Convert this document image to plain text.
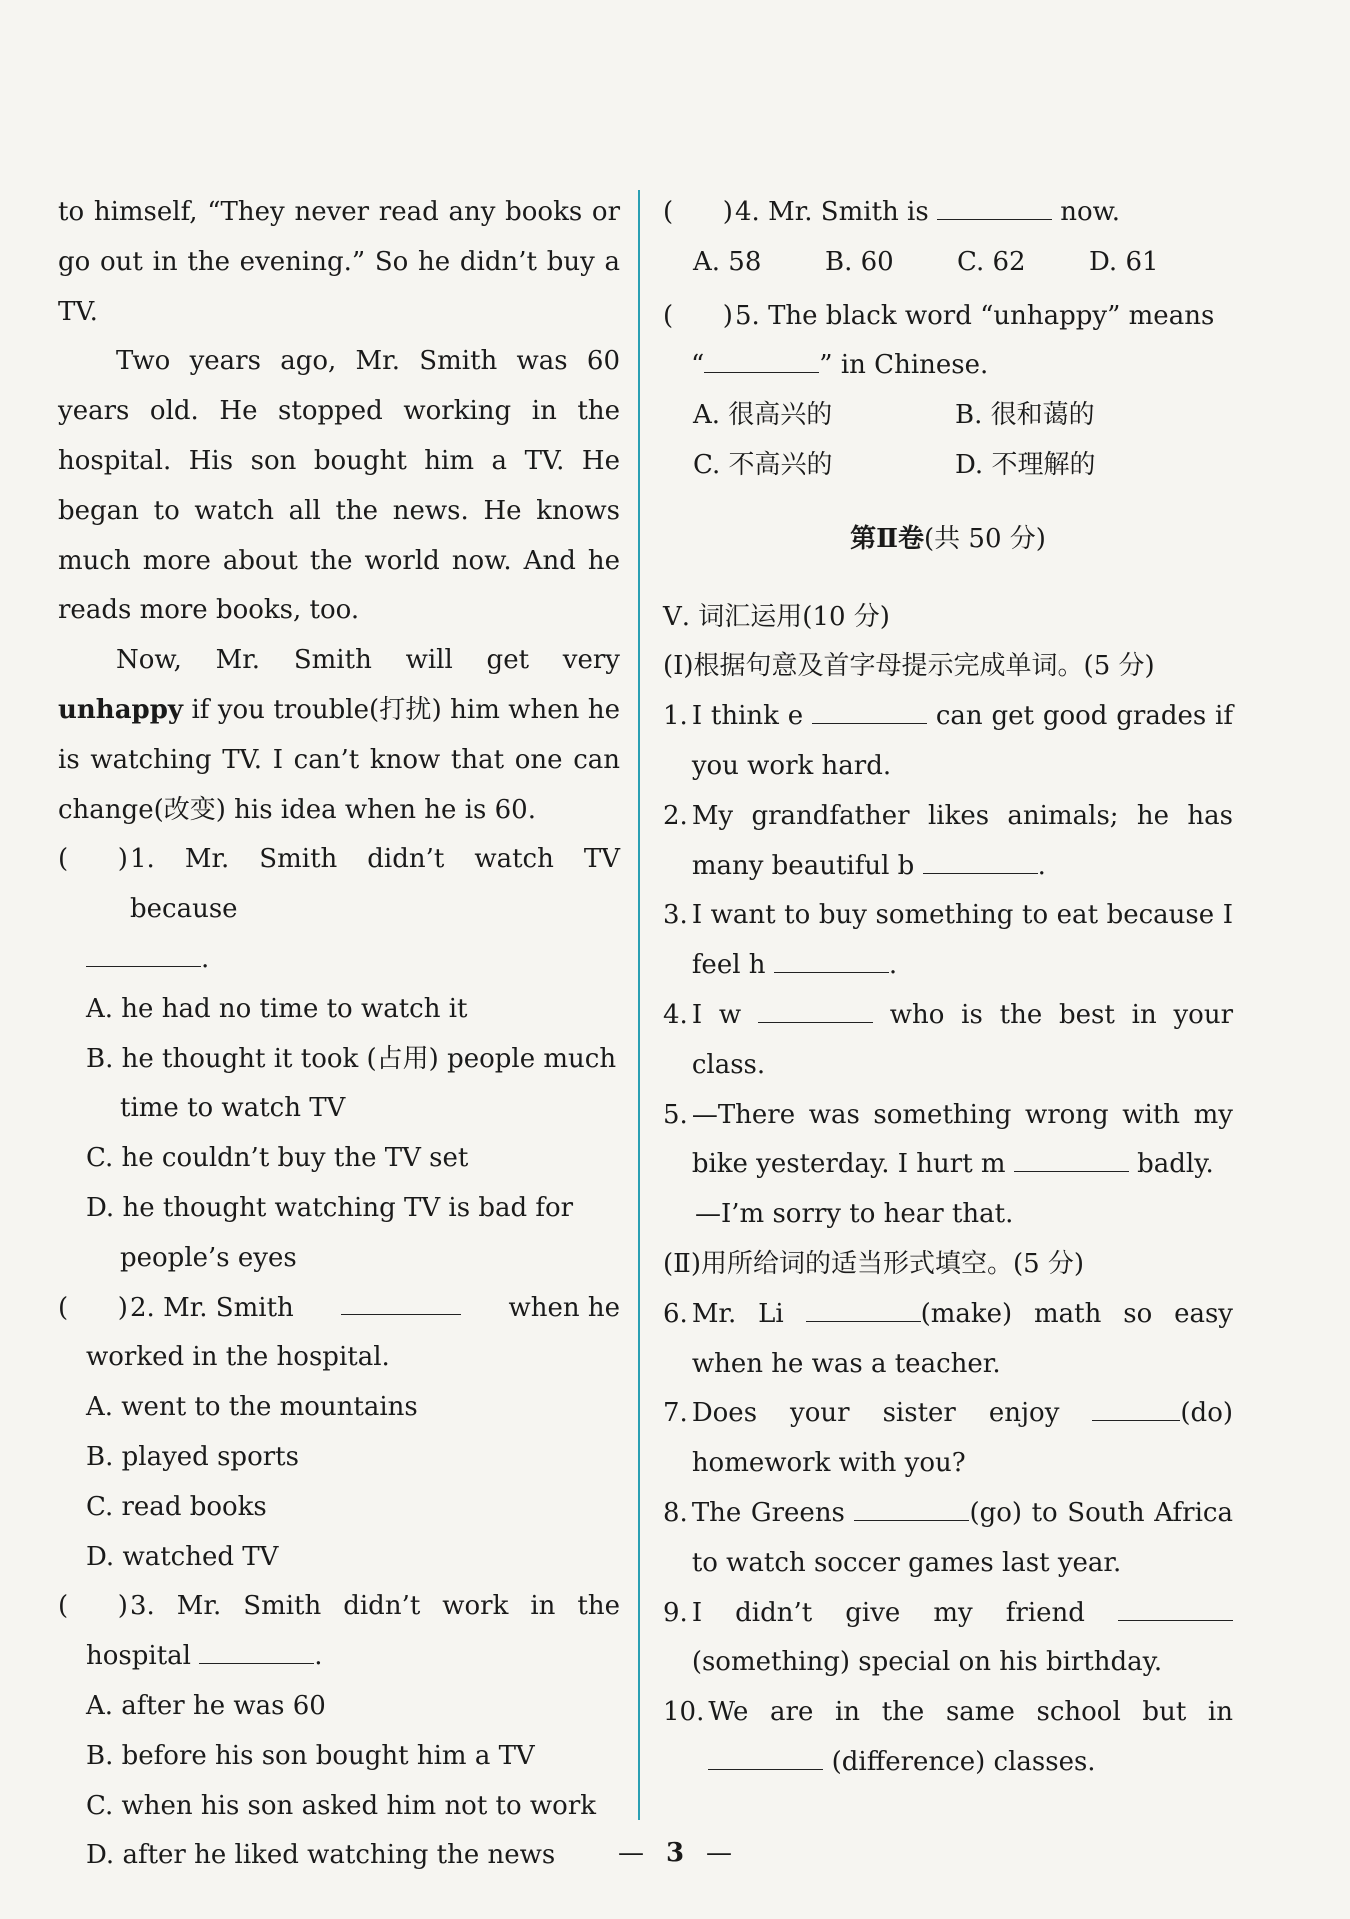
to himself, “They never read any books or go out in the evening.” So he didn’t buy a TV.

Two years ago, Mr. Smith was 60 years old. He stopped working in the hospital. His son bought him a TV. He began to watch all the news. He knows much more about the world now. And he reads more books, too.

Now, Mr. Smith will get very unhappy if you trouble(打扰) him when he is watching TV. I can’t know that one can change(改变) his idea when he is 60.

(      ) 1. Mr. Smith didn’t watch TV because
.
A. he had no time to watch it
B. he thought it took (占用) people much time to watch TV
C. he couldn’t buy the TV set
D. he thought watching TV is bad for people’s eyes
(      ) 2. Mr. Smith	when he
worked in the hospital.
A. went to the mountains
B. played sports
C. read books
D. watched TV
(      ) 3. Mr. Smith didn’t work in the
hospital	.
A. after he was 60
B. before his son bought him a TV
C. when his son asked him not to work
D. after he liked watching the news
(      ) 4. Mr. Smith is	now.
A. 58	B. 60	C. 62	D. 61
(      ) 5. The black word “unhappy” means
“	” in Chinese.
A. 很高兴的	B. 很和蔼的
C. 不高兴的	D. 不理解的
第Ⅱ卷(共 50 分)
Ⅴ. 词汇运用(10 分)
(Ⅰ)根据句意及首字母提示完成单词。(5 分)
1. I think e	can get good grades if you work hard.
2. My grandfather likes animals; he has many beautiful b	.
3. I want to buy something to eat because I feel h	.
4. I w	who is the best in your class.
5. —There was something wrong with my bike yesterday. I hurt m	badly.
—I’m sorry to hear that.
(Ⅱ)用所给词的适当形式填空。(5 分)
6. Mr. Li	(make) math so easy when he was a teacher.
7. Does your sister enjoy	(do) homework with you?
8. The Greens	(go) to South Africa to watch soccer games last year.
9. I didn’t give my friend (something) special on his birthday.
10. We are in the same school but in  (difference) classes.
— 3 —
